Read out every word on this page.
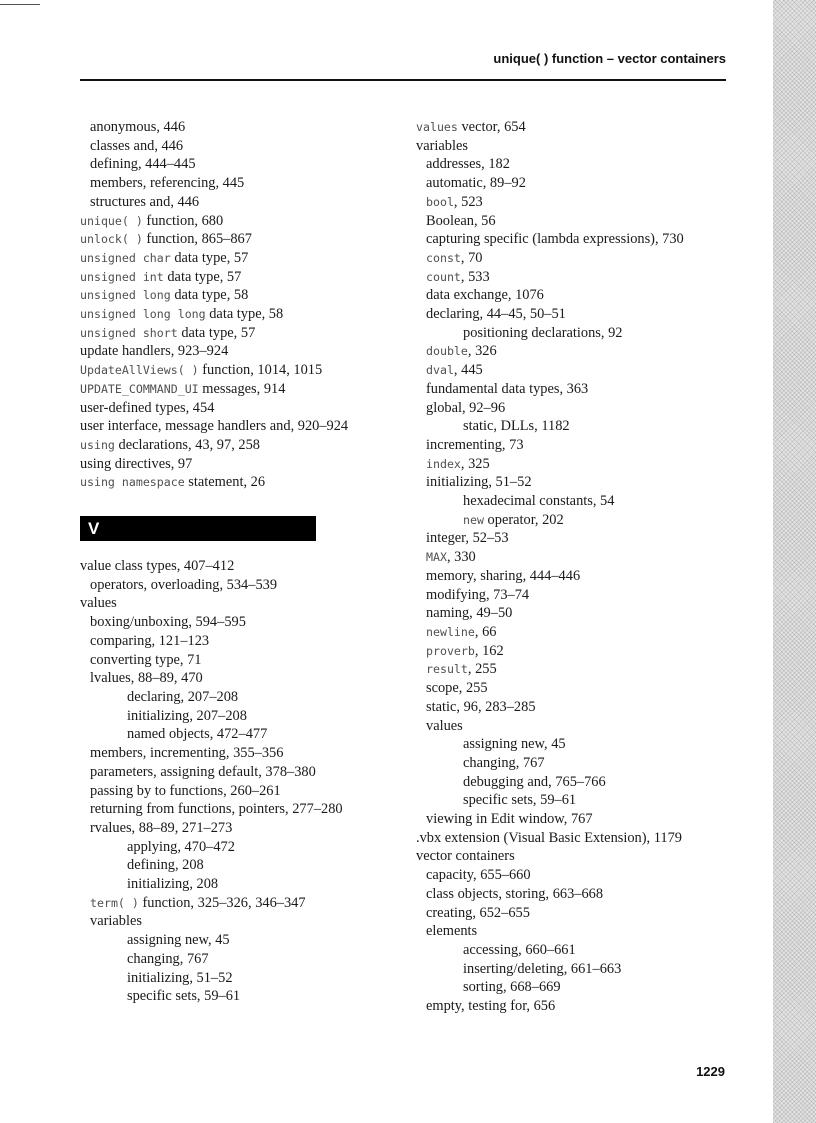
unique( ) function – vector containers
anonymous, 446
classes and, 446
defining, 444–445
members, referencing, 445
structures and, 446
unique( ) function, 680
unlock( ) function, 865–867
unsigned char data type, 57
unsigned int data type, 57
unsigned long data type, 58
unsigned long long data type, 58
unsigned short data type, 57
update handlers, 923–924
UpdateAllViews( ) function, 1014, 1015
UPDATE_COMMAND_UI messages, 914
user-defined types, 454
user interface, message handlers and, 920–924
using declarations, 43, 97, 258
using directives, 97
using namespace statement, 26
V
value class types, 407–412
operators, overloading, 534–539
values
boxing/unboxing, 594–595
comparing, 121–123
converting type, 71
lvalues, 88–89, 470
declaring, 207–208
initializing, 207–208
named objects, 472–477
members, incrementing, 355–356
parameters, assigning default, 378–380
passing by to functions, 260–261
returning from functions, pointers, 277–280
rvalues, 88–89, 271–273
applying, 470–472
defining, 208
initializing, 208
term( ) function, 325–326, 346–347
variables
assigning new, 45
changing, 767
initializing, 51–52
specific sets, 59–61
values vector, 654
variables
addresses, 182
automatic, 89–92
bool, 523
Boolean, 56
capturing specific (lambda expressions), 730
const, 70
count, 533
data exchange, 1076
declaring, 44–45, 50–51
positioning declarations, 92
double, 326
dval, 445
fundamental data types, 363
global, 92–96
static, DLLs, 1182
incrementing, 73
index, 325
initializing, 51–52
hexadecimal constants, 54
new operator, 202
integer, 52–53
MAX, 330
memory, sharing, 444–446
modifying, 73–74
naming, 49–50
newline, 66
proverb, 162
result, 255
scope, 255
static, 96, 283–285
values
assigning new, 45
changing, 767
debugging and, 765–766
specific sets, 59–61
viewing in Edit window, 767
.vbx extension (Visual Basic Extension), 1179
vector containers
capacity, 655–660
class objects, storing, 663–668
creating, 652–655
elements
accessing, 660–661
inserting/deleting, 661–663
sorting, 668–669
empty, testing for, 656
1229
